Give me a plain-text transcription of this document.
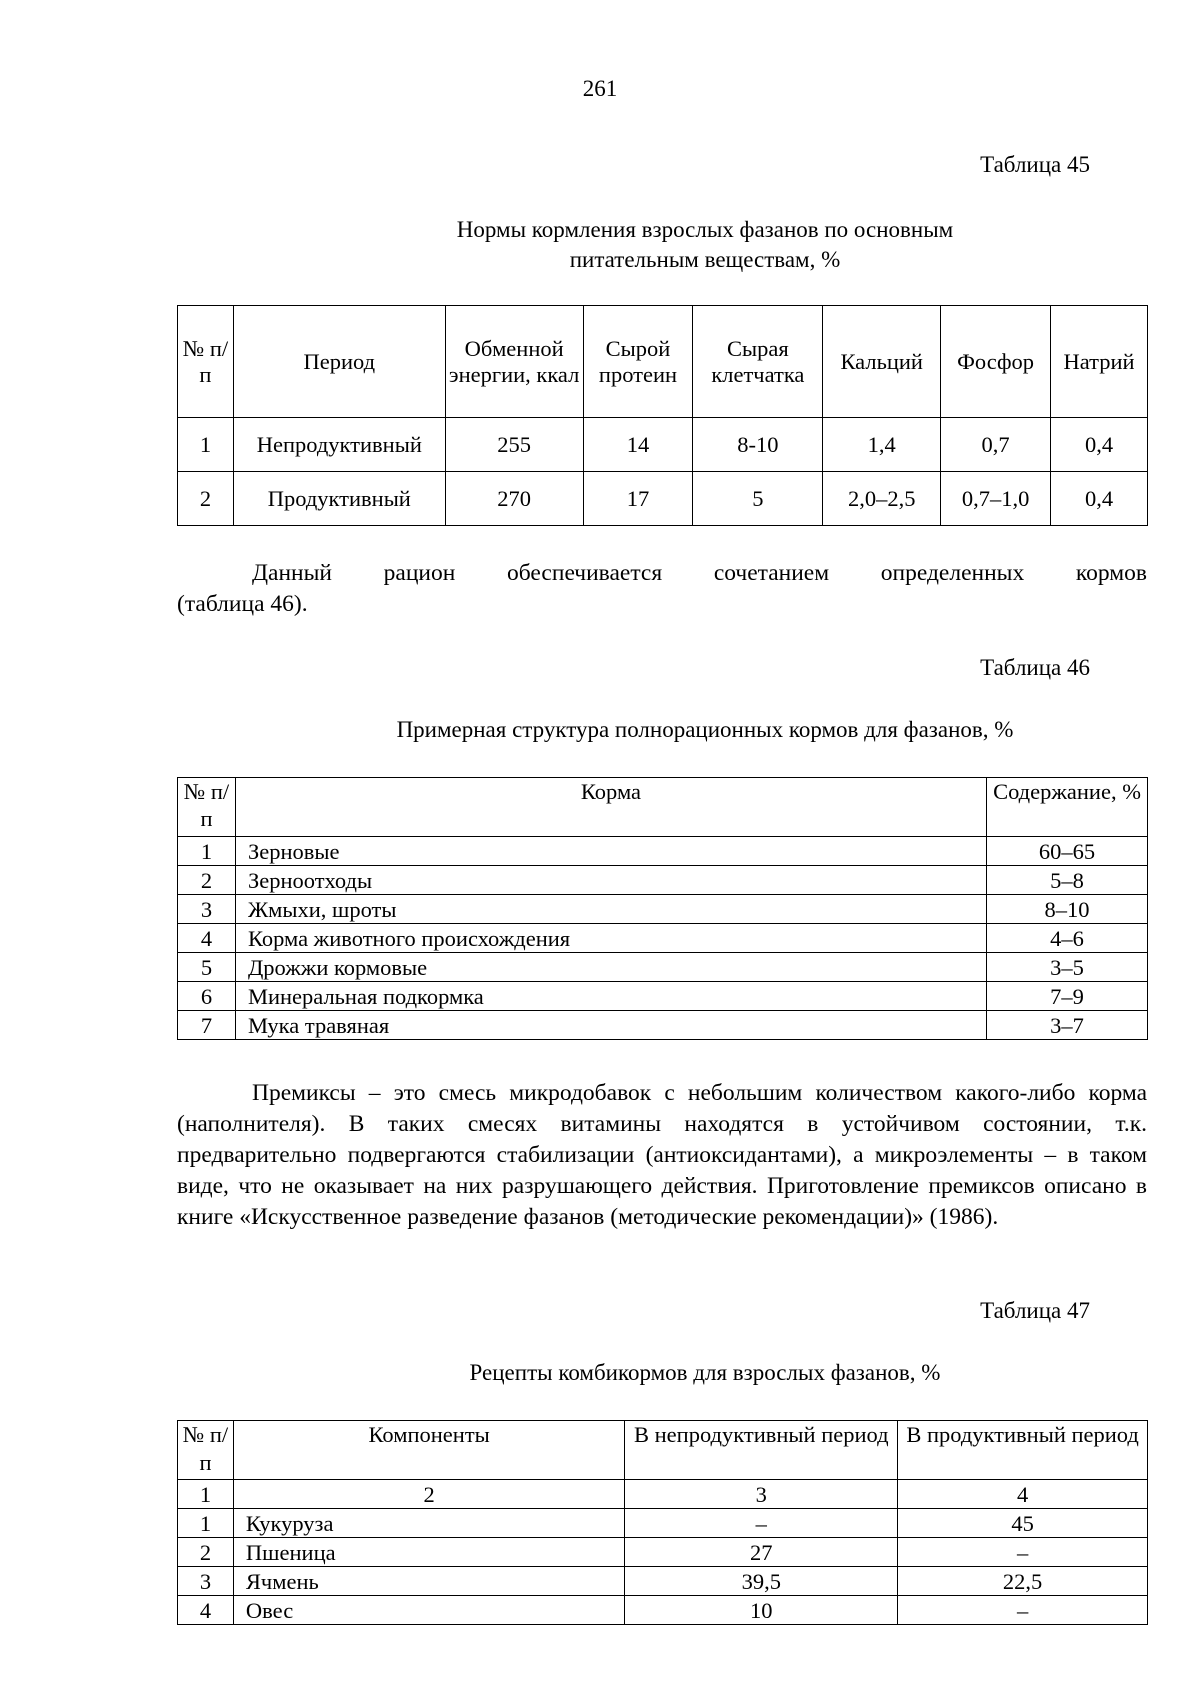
261
Таблица 45
Нормы кормления взрослых фазанов по основным
питательным веществам, %
№ п/п	Период	Обменной энергии, ккал	Сырой протеин	Сырая клетчатка	Кальций	Фосфор	Натрий
1	Непродуктивный	255	14	8-10	1,4	0,7	0,4
2	Продуктивный	270	17	5	2,0–2,5	0,7–1,0	0,4
Данный рацион обеспечивается сочетанием определенных кормов
(таблица 46).
Таблица 46
Примерная структура полнорационных кормов для фазанов, %
№ п/п	Корма	Содержание, %
1	Зерновые	60–65
2	Зерноотходы	5–8
3	Жмыхи, шроты	8–10
4	Корма животного происхождения	4–6
5	Дрожжи кормовые	3–5
6	Минеральная подкормка	7–9
7	Мука травяная	3–7
Премиксы – это смесь микродобавок с небольшим количеством какого-либо корма (наполнителя). В таких смесях витамины находятся в устойчивом состоянии, т.к. предварительно подвергаются стабилизации (антиоксидантами), а микроэлементы – в таком виде, что не оказывает на них разрушающего действия. Приготовление премиксов описано в книге «Искусственное разведение фазанов (методические рекомендации)» (1986).
Таблица 47
Рецепты комбикормов для взрослых фазанов, %
№ п/п	Компоненты	В непродуктивный период	В продуктивный период
1	2	3	4
1	Кукуруза	–	45
2	Пшеница	27	–
3	Ячмень	39,5	22,5
4	Овес	10	–
